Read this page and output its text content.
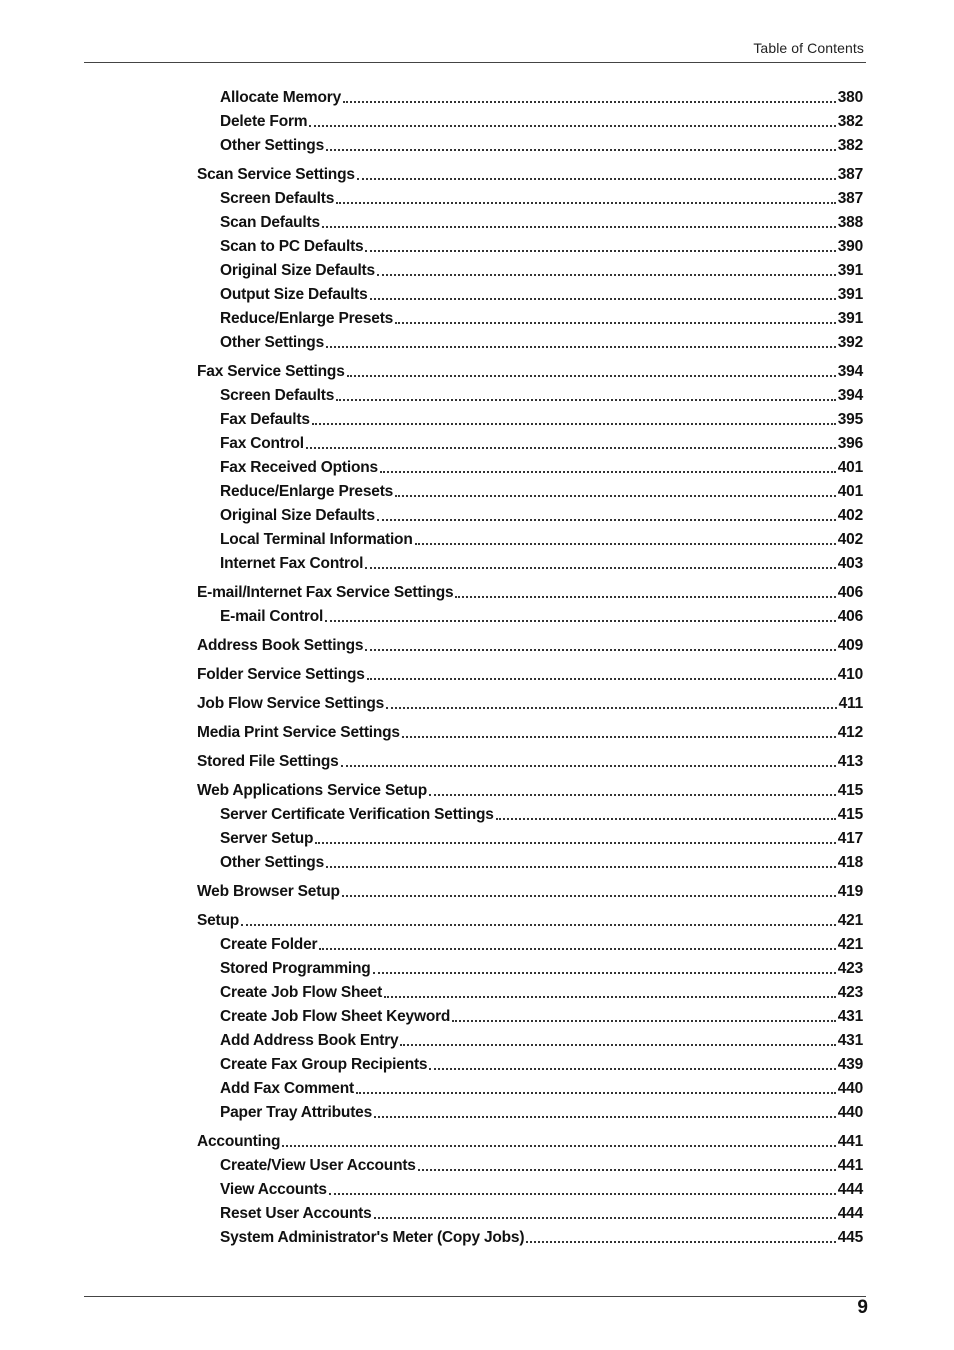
Table of Contents
Allocate Memory	380
Delete Form	382
Other Settings	382
Scan Service Settings	387
Screen Defaults	387
Scan Defaults	388
Scan to PC Defaults	390
Original Size Defaults	391
Output Size Defaults	391
Reduce/Enlarge Presets	391
Other Settings	392
Fax Service Settings	394
Screen Defaults	394
Fax Defaults	395
Fax Control	396
Fax Received Options	401
Reduce/Enlarge Presets	401
Original Size Defaults	402
Local Terminal Information	402
Internet Fax Control	403
E-mail/Internet Fax Service Settings	406
E-mail Control	406
Address Book Settings	409
Folder Service Settings	410
Job Flow Service Settings	411
Media Print Service Settings	412
Stored File Settings	413
Web Applications Service Setup	415
Server Certificate Verification Settings	415
Server Setup	417
Other Settings	418
Web Browser Setup	419
Setup	421
Create Folder	421
Stored Programming	423
Create Job Flow Sheet	423
Create Job Flow Sheet Keyword	431
Add Address Book Entry	431
Create Fax Group Recipients	439
Add Fax Comment	440
Paper Tray Attributes	440
Accounting	441
Create/View User Accounts	441
View Accounts	444
Reset User Accounts	444
System Administrator's Meter (Copy Jobs)	445
9
